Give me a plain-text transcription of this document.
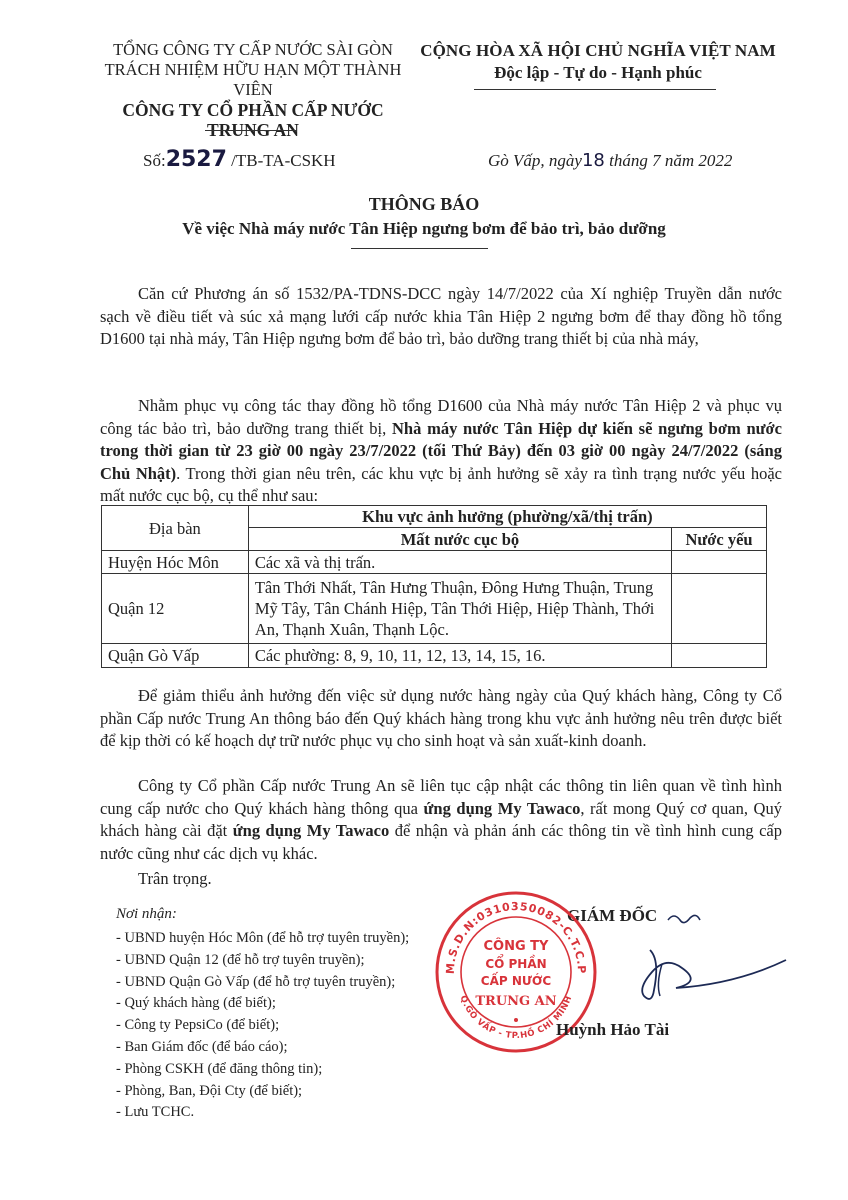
TỔNG CÔNG TY CẤP NƯỚC SÀI GÒN
TRÁCH NHIỆM HỮU HẠN MỘT THÀNH VIÊN
CÔNG TY CỔ PHẦN CẤP NƯỚC
TRUNG AN
CỘNG HÒA XÃ HỘI CHỦ NGHĨA VIỆT NAM
Độc lập - Tự do - Hạnh phúc
Số:2527 /TB-TA-CSKH	Gò Vấp, ngày18 tháng 7 năm 2022
THÔNG BÁO
Về việc Nhà máy nước Tân Hiệp ngưng bơm để bảo trì, bảo dưỡng
Căn cứ Phương án số 1532/PA-TDNS-DCC ngày 14/7/2022 của Xí nghiệp Truyền dẫn nước sạch về điều tiết và súc xả mạng lưới cấp nước khia Tân Hiệp 2 ngưng bơm để thay đồng hồ tổng D1600 tại nhà máy, Tân Hiệp ngưng bơm để bảo trì, bảo dưỡng trang thiết bị của nhà máy,
Nhằm phục vụ công tác thay đồng hồ tổng D1600 của Nhà máy nước Tân Hiệp 2 và phục vụ công tác bảo trì, bảo dưỡng trang thiết bị, Nhà máy nước Tân Hiệp dự kiến sẽ ngưng bơm nước trong thời gian từ 23 giờ 00 ngày 23/7/2022 (tối Thứ Bảy) đến 03 giờ 00 ngày 24/7/2022 (sáng Chủ Nhật). Trong thời gian nêu trên, các khu vực bị ảnh hưởng sẽ xảy ra tình trạng nước yếu hoặc mất nước cục bộ, cụ thể như sau:
Địa bàn	Khu vực ảnh hưởng (phường/xã/thị trấn)	
	Mất nước cục bộ	Nước yếu
Huyện Hóc Môn	Các xã và thị trấn.	
Quận 12	Tân Thới Nhất, Tân Hưng Thuận, Đông Hưng Thuận, Trung Mỹ Tây, Tân Chánh Hiệp, Tân Thới Hiệp, Hiệp Thành, Thới An, Thạnh Xuân, Thạnh Lộc.	
Quận Gò Vấp	Các phường: 8, 9, 10, 11, 12, 13, 14, 15, 16.	
Để giảm thiểu ảnh hưởng đến việc sử dụng nước hàng ngày của Quý khách hàng, Công ty Cổ phần Cấp nước Trung An thông báo đến Quý khách hàng trong khu vực ảnh hưởng nêu trên được biết để kịp thời có kế hoạch dự trữ nước phục vụ cho sinh hoạt và sản xuất-kinh doanh.
Công ty Cổ phần Cấp nước Trung An sẽ liên tục cập nhật các thông tin liên quan về tình hình cung cấp nước cho Quý khách hàng thông qua ứng dụng My Tawaco, rất mong Quý cơ quan, Quý khách hàng cài đặt ứng dụng My Tawaco để nhận và phản ánh các thông tin về tình hình cung cấp nước cũng như các dịch vụ khác.
Trân trọng.
Nơi nhận:
- UBND huyện Hóc Môn (để hỗ trợ tuyên truyền);
- UBND Quận 12 (để hỗ trợ tuyên truyền);
- UBND Quận Gò Vấp (để hỗ trợ tuyên truyền);
- Quý khách hàng (để biết);
- Công ty PepsiCo (để biết);
- Ban Giám đốc (để báo cáo);
- Phòng CSKH (để đăng thông tin);
- Phòng, Ban, Đội Cty (để biết);
- Lưu TCHC.
GIÁM ĐỐC
M.S.D.N:0310350082-C.T.C.P
Q.GÒ VẤP - TP.HỒ CHÍ MINH
CÔNG TY
CỔ PHẦN
CẤP NƯỚC
TRUNG AN
Huỳnh Hảo Tài
